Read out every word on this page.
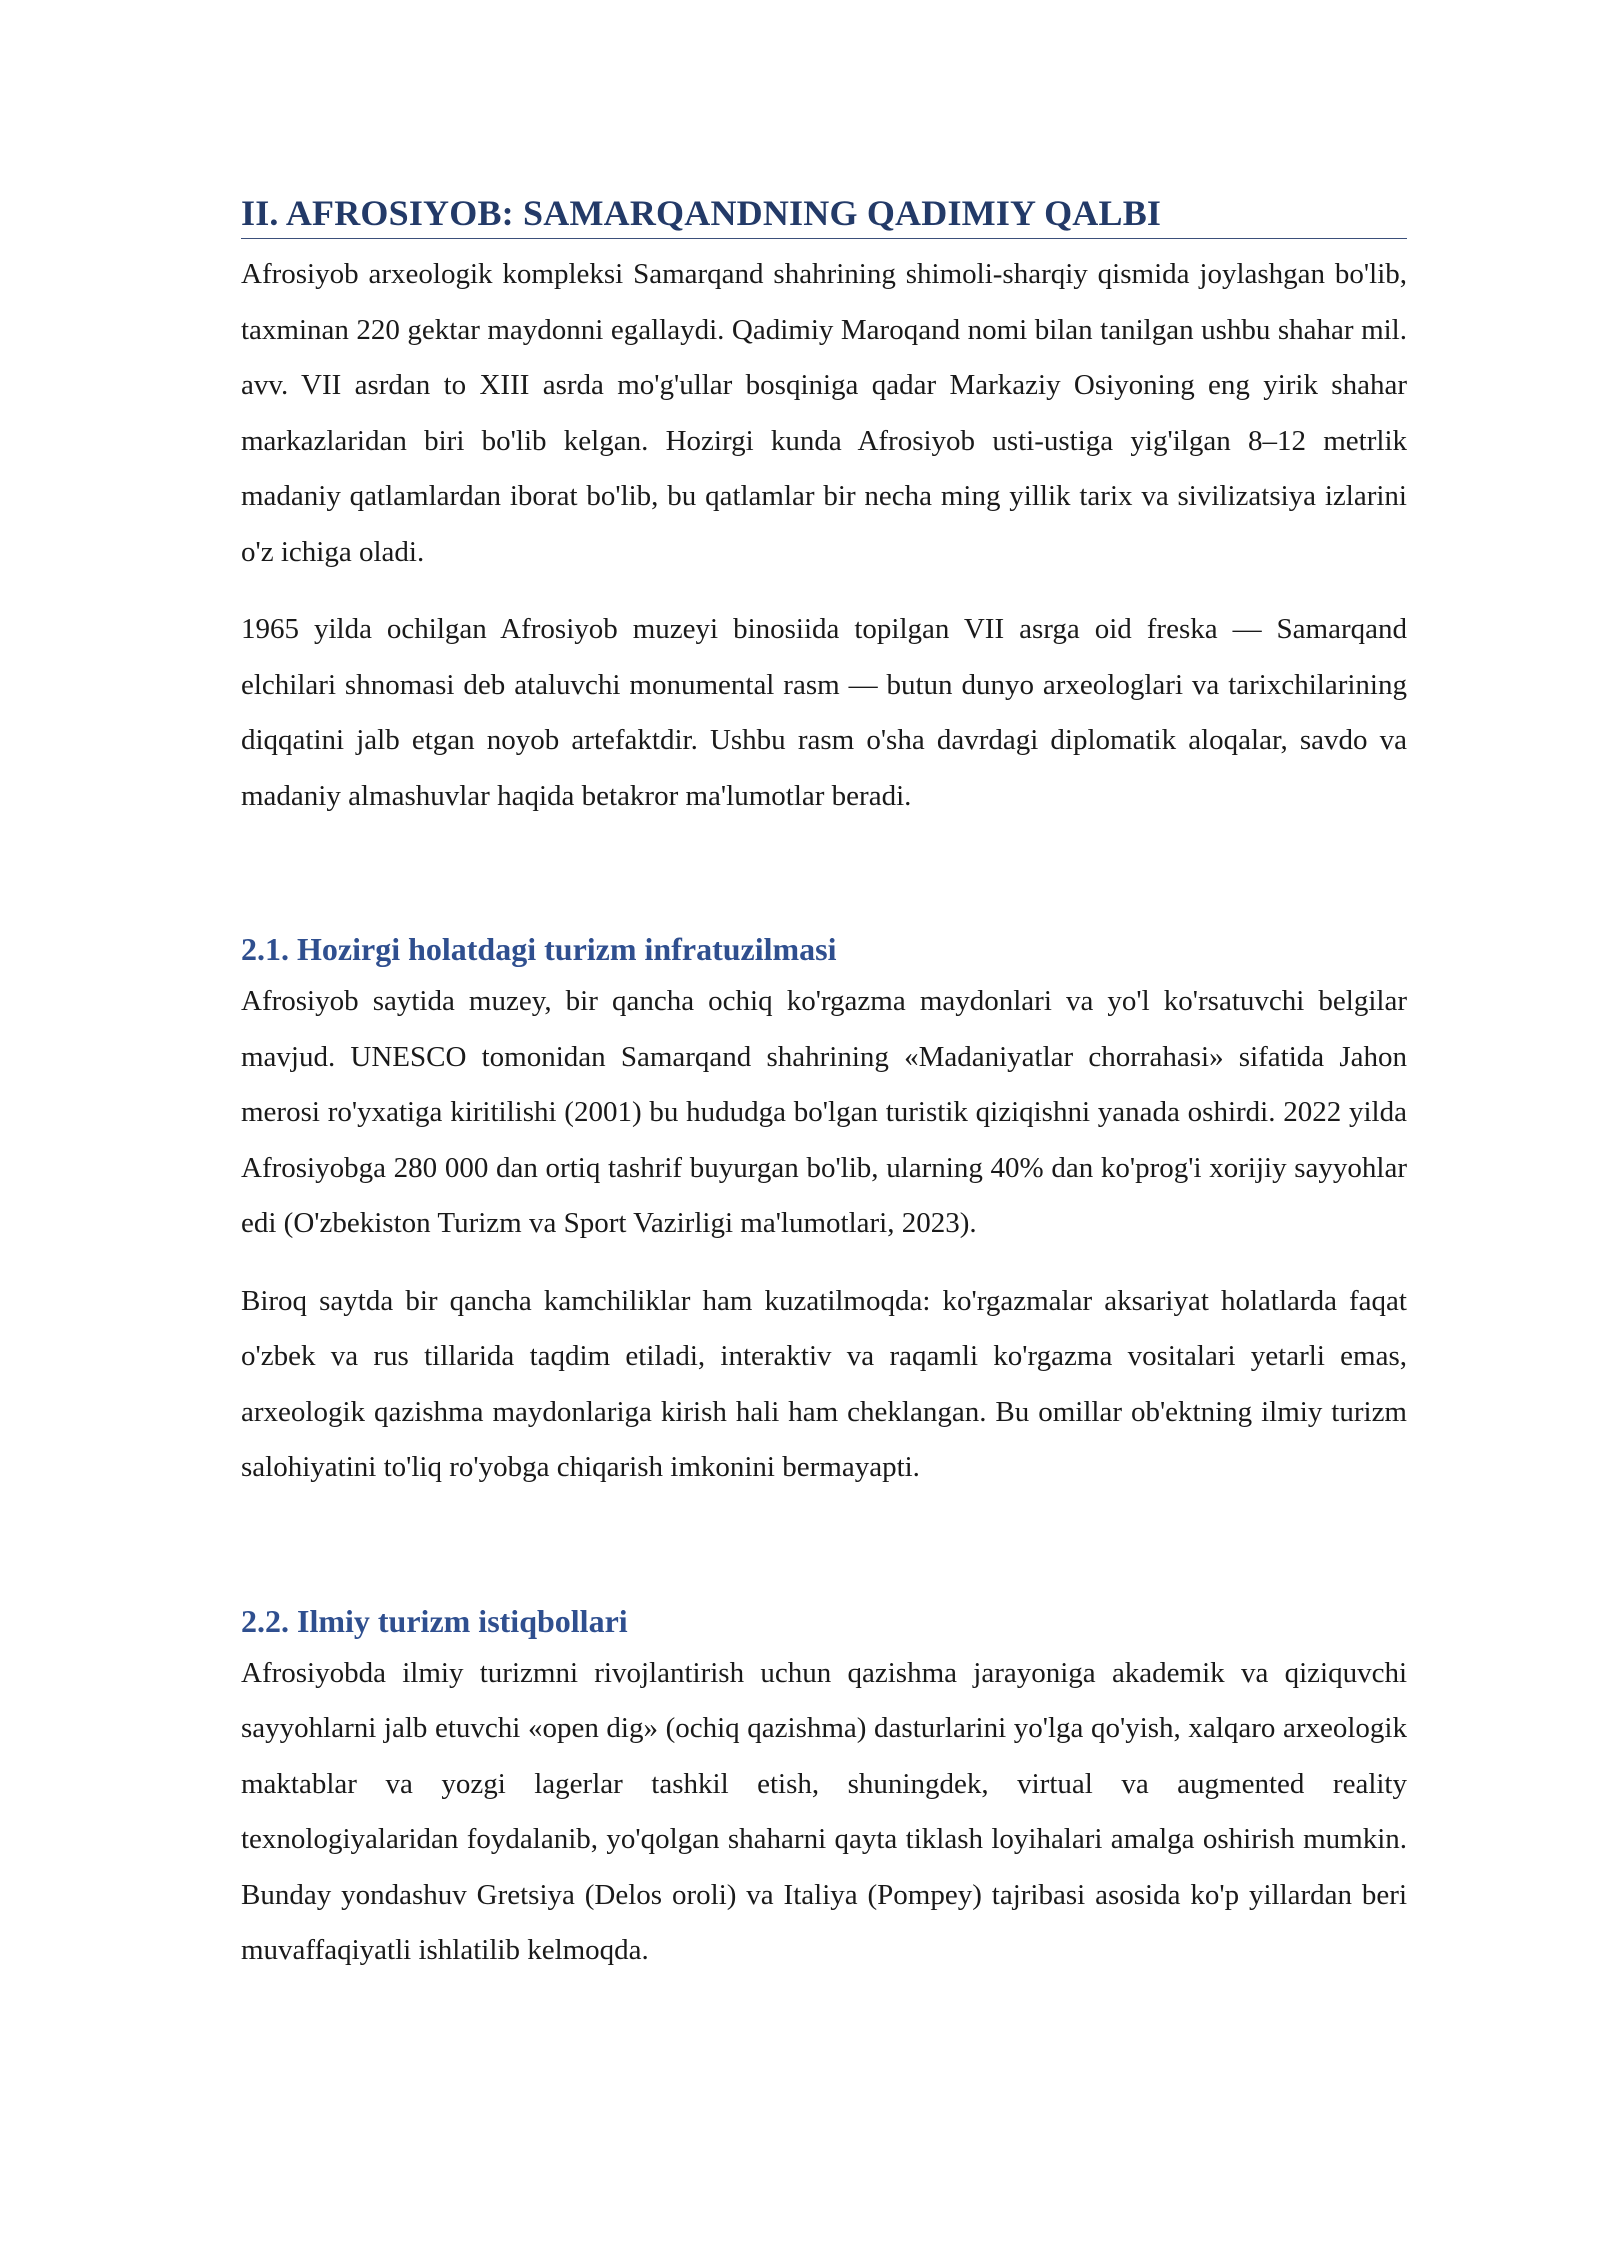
II. AFROSIYOB: SAMARQANDNING QADIMIY QALBI

Afrosiyob arxeologik kompleksi Samarqand shahrining shimoli-sharqiy qismida joylashgan bo'lib, taxminan 220 gektar maydonni egallaydi. Qadimiy Maroqand nomi bilan tanilgan ushbu shahar mil. avv. VII asrdan to XIII asrda mo'g'ullar bosqiniga qadar Markaziy Osiyoning eng yirik shahar markazlaridan biri bo'lib kelgan. Hozirgi kunda Afrosiyob usti-ustiga yig'ilgan 8–12 metrlik madaniy qatlamlardan iborat bo'lib, bu qatlamlar bir necha ming yillik tarix va sivilizatsiya izlarini o'z ichiga oladi.

1965 yilda ochilgan Afrosiyob muzeyi binosiida topilgan VII asrga oid freska — Samarqand elchilari shnomasi deb ataluvchi monumental rasm — butun dunyo arxeologlari va tarixchilarining diqqatini jalb etgan noyob artefaktdir. Ushbu rasm o'sha davrdagi diplomatik aloqalar, savdo va madaniy almashuvlar haqida betakror ma'lumotlar beradi.

2.1. Hozirgi holatdagi turizm infratuzilmasi

Afrosiyob saytida muzey, bir qancha ochiq ko'rgazma maydonlari va yo'l ko'rsatuvchi belgilar mavjud. UNESCO tomonidan Samarqand shahrining «Madaniyatlar chorrahasi» sifatida Jahon merosi ro'yxatiga kiritilishi (2001) bu hududga bo'lgan turistik qiziqishni yanada oshirdi. 2022 yilda Afrosiyobga 280 000 dan ortiq tashrif buyurgan bo'lib, ularning 40% dan ko'prog'i xorijiy sayyohlar edi (O'zbekiston Turizm va Sport Vazirligi ma'lumotlari, 2023).

Biroq saytda bir qancha kamchiliklar ham kuzatilmoqda: ko'rgazmalar aksariyat holatlarda faqat o'zbek va rus tillarida taqdim etiladi, interaktiv va raqamli ko'rgazma vositalari yetarli emas, arxeologik qazishma maydonlariga kirish hali ham cheklangan. Bu omillar ob'ektning ilmiy turizm salohiyatini to'liq ro'yobga chiqarish imkonini bermayapti.

2.2. Ilmiy turizm istiqbollari

Afrosiyobda ilmiy turizmni rivojlantirish uchun qazishma jarayoniga akademik va qiziquvchi sayyohlarni jalb etuvchi «open dig» (ochiq qazishma) dasturlarini yo'lga qo'yish, xalqaro arxeologik maktablar va yozgi lagerlar tashkil etish, shuningdek, virtual va augmented reality texnologiyalaridan foydalanib, yo'qolgan shaharni qayta tiklash loyihalari amalga oshirish mumkin. Bunday yondashuv Gretsiya (Delos oroli) va Italiya (Pompey) tajribasi asosida ko'p yillardan beri muvaffaqiyatli ishlatilib kelmoqda.
